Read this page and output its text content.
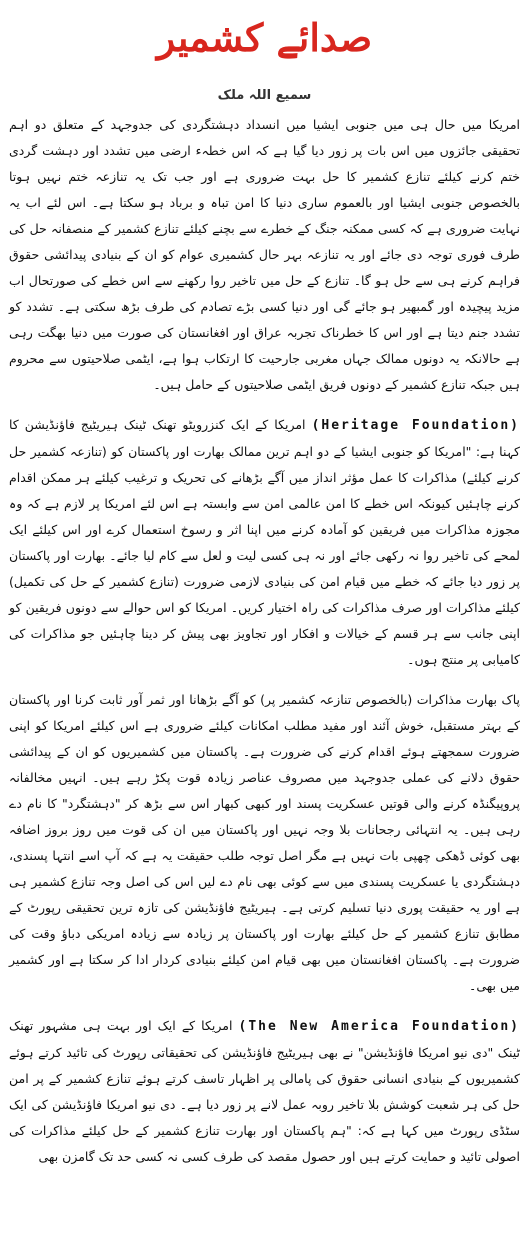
صدائے کشمیر
سمیع اللہ ملک

امریکا میں حال ہی میں جنوبی ایشیا میں انسداد دہشتگردی کی جدوجہد کے متعلق دو اہم تحقیقی جائزوں میں اس بات پر زور دیا گیا ہے کہ اس خطہء ارضی میں تشدد اور دہشت گردی ختم کرنے کیلئے تنازع کشمیر کا حل بہت ضروری ہے اور جب تک یہ تنازعہ ختم نہیں ہوتا بالخصوص جنوبی ایشیا اور بالعموم ساری دنیا کا امن تباہ و برباد ہو سکتا ہے۔ اس لئے اب یہ نہایت ضروری ہے کہ کسی ممکنہ جنگ کے خطرے سے بچنے کیلئے تنازع کشمیر کے منصفانہ حل کی طرف فوری توجہ دی جائے اور یہ تنازعہ بہر حال کشمیری عوام کو ان کے بنیادی پیدائشی حقوق فراہم کرنے ہی سے حل ہو گا۔ تنازع کے حل میں تاخیر روا رکھنے سے اس خطے کی صورتحال اب مزید پیچیدہ اور گمبھیر ہو جائے گی اور دنیا کسی بڑے تصادم کی طرف بڑھ سکتی ہے۔ تشدد کو تشدد جنم دیتا ہے اور اس کا خطرناک تجربہ عراق اور افغانستان کی صورت میں دنیا بھگت رہی ہے حالانکہ یہ دونوں ممالک جہاں مغربی جارحیت کا ارتکاب ہوا ہے، ایٹمی صلاحیتوں سے محروم ہیں جبکہ تنازع کشمیر کے دونوں فریق ایٹمی صلاحیتوں کے حامل ہیں۔

(Heritage Foundation) امریکا کے ایک کنزرویٹو تھنک ٹینک ہیریٹیج فاؤنڈیشن کا کہنا ہے: "امریکا کو جنوبی ایشیا کے دو اہم ترین ممالک بھارت اور پاکستان کو (تنازعہ کشمیر حل کرنے کیلئے) مذاکرات کا عمل مؤثر انداز میں آگے بڑھانے کی تحریک و ترغیب کیلئے ہر ممکن اقدام کرنے چاہئیں کیونکہ اس خطے کا امن عالمی امن سے وابستہ ہے اس لئے امریکا پر لازم ہے کہ وہ مجوزہ مذاکرات میں فریقین کو آمادہ کرنے میں اپنا اثر و رسوخ استعمال کرے اور اس کیلئے ایک لمحے کی تاخیر روا نہ رکھی جائے اور نہ ہی کسی لیت و لعل سے کام لیا جائے۔ بھارت اور پاکستان پر زور دیا جائے کہ خطے میں قیام امن کی بنیادی لازمی ضرورت (تنازع کشمیر کے حل کی تکمیل) کیلئے مذاکرات اور صرف مذاکرات کی راہ اختیار کریں۔ امریکا کو اس حوالے سے دونوں فریقین کو اپنی جانب سے ہر قسم کے خیالات و افکار اور تجاویز بھی پیش کر دینا چاہئیں جو مذاکرات کی کامیابی پر منتج ہوں۔

پاک بھارت مذاکرات (بالخصوص تنازعہ کشمیر پر) کو آگے بڑھانا اور ثمر آور ثابت کرنا اور پاکستان کے بہتر مستقبل، خوش آئند اور مفید مطلب امکانات کیلئے ضروری ہے اس کیلئے امریکا کو اپنی ضرورت سمجھتے ہوئے اقدام کرنے کی ضرورت ہے۔ پاکستان میں کشمیریوں کو ان کے پیدائشی حقوق دلانے کی عملی جدوجہد میں مصروف عناصر زیادہ قوت پکڑ رہے ہیں۔ انہیں مخالفانہ پروپیگنڈہ کرنے والی قوتیں عسکریت پسند اور کبھی کبھار اس سے بڑھ کر "دہشتگرد" کا نام دے رہی ہیں۔ یہ انتہائی رجحانات بلا وجہ نہیں اور پاکستان میں ان کی قوت میں روز بروز اضافہ بھی کوئی ڈھکی چھپی بات نہیں ہے مگر اصل توجہ طلب حقیقت یہ ہے کہ آپ اسے انتہا پسندی، دہشتگردی یا عسکریت پسندی میں سے کوئی بھی نام دے لیں اس کی اصل وجہ تنازع کشمیر ہی ہے اور یہ حقیقت پوری دنیا تسلیم کرتی ہے۔ ہیریٹیج فاؤنڈیشن کی تازہ ترین تحقیقی رپورٹ کے مطابق تنازع کشمیر کے حل کیلئے بھارت اور پاکستان پر زیادہ سے زیادہ امریکی دباؤ وقت کی ضرورت ہے۔ پاکستان افغانستان میں بھی قیام امن کیلئے بنیادی کردار ادا کر سکتا ہے اور کشمیر میں بھی۔

(The New America Foundation) امریکا کے ایک اور بہت ہی مشہور تھنک ٹینک "دی نیو امریکا فاؤنڈیشن" نے بھی ہیریٹیج فاؤنڈیشن کی تحقیقاتی رپورٹ کی تائید کرتے ہوئے کشمیریوں کے بنیادی انسانی حقوق کی پامالی پر اظہار تاسف کرتے ہوئے تنازع کشمیر کے پر امن حل کی ہر شعبت کوشش بلا تاخیر روبہ عمل لانے پر زور دیا ہے۔ دی نیو امریکا فاؤنڈیشن کی ایک سٹڈی رپورٹ میں کہا ہے کہ: "ہم پاکستان اور بھارت تنازع کشمیر کے حل کیلئے مذاکرات کی اصولی تائید و حمایت کرتے ہیں اور حصول مقصد کی طرف کسی نہ کسی حد تک گامزن بھی
